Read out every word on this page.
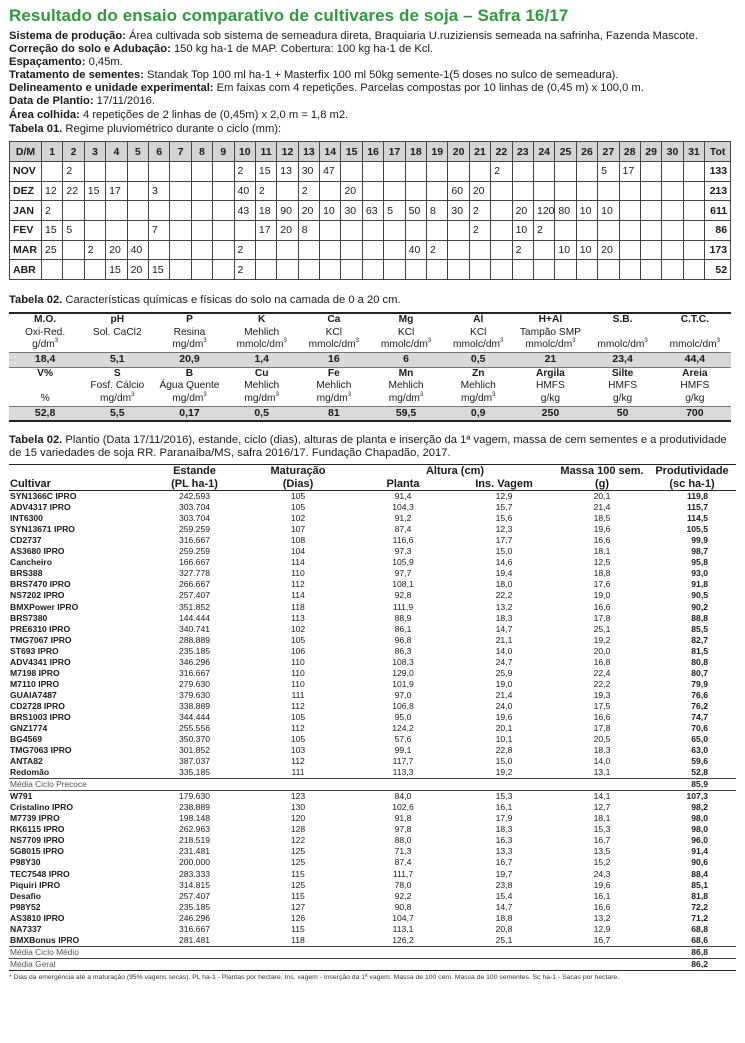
Resultado do ensaio comparativo de cultivares de soja – Safra 16/17
Sistema de produção: Área cultivada sob sistema de semeadura direta, Braquiaria U.ruziziensis semeada na safrinha, Fazenda Mascote.
Correção do solo e Adubação: 150 kg ha-1 de MAP. Cobertura: 100 kg ha-1 de Kcl.
Espaçamento: 0,45m.
Tratamento de sementes: Standak Top 100 ml ha-1 + Masterfix 100 ml 50kg semente-1(5 doses no sulco de semeadura).
Delineamento e unidade experimental: Em faixas com 4 repetições. Parcelas compostas por 10 linhas de (0,45 m) x 100,0 m.
Data de Plantio: 17/11/2016.
Área colhida: 4 repetições de 2 linhas de (0,45m) x 2,0 m = 1,8 m2.
Tabela 01. Regime pluviométrico durante o ciclo (mm):
D/M	1	2	3	4	5	6	7	8	9	10	11	12	13	14	15	16	17	18	19	20	21	22	23	24	25	26	27	28	29	30	31	Tot
NOV		2								2	15	13	30	47								2					5	17				133
DEZ	12	22	15	17		3				40	2		2		20					60	20											213
JAN	2									43	18	90	20	10	30	63	5	50	8	30	2		20	120	80	10	10					611
FEV	15	5				7					17	20	8								2		10	2								86
MAR	25		2	20	40					2								40	2				2		10	10	20					173
ABR				15	20	15				2																						52
Tabela 02. Características químicas e físicas do solo na camada de 0 a 20 cm.
M.O.	pH	P	K	Ca	Mg	Al	H+Al	S.B.	C.T.C.
Oxi-Red.	Sol. CaCl2	Resina	Mehlich	KCl	KCl	KCl	Tampão SMP		
$g/dm^3$		$mg/dm^3$	mmolc/$dm^3$	mmolc/$dm^3$	mmolc/$dm^3$	mmolc/$dm^3$	mmolc/$dm^3$	mmolc/$dm^3$	mmolc/$dm^3$
18,4	5,1	20,9	1,4	16	6	0,5	21	23,4	44,4
V%	S	B	Cu	Fe	Mn	Zn	Argila	Silte	Areia
	Fosf. Cálcio	Água Quente	Mehlich	Mehlich	Mehlich	Mehlich	HMFS	HMFS	HMFS
%	$mg/dm^3$	$mg/dm^3$	$mg/dm^3$	$mg/dm^3$	$mg/dm^3$	$mg/dm^3$	g/kg	g/kg	g/kg
52,8	5,5	0,17	0,5	81	59,5	0,9	250	50	700
Tabela 02. Plantio (Data 17/11/2016), estande, ciclo (dias), alturas de planta e inserção da 1ª vagem, massa de cem sementes e a produtividade de 15 variedades de soja RR. Paranaíba/MS, safra 2016/17. Fundação Chapadão, 2017.
	Estande	Maturação	Altura (cm)		Massa 100 sem.	Produtividade
Cultivar	(PL ha-1)	(Dias)	Planta	Ins. Vagem	(g)	(sc ha-1)
SYN1366C IPRO	242.593	105	91,4	12,9	20,1	119,8
ADV4317 IPRO	303.704	105	104,3	15,7	21,4	115,7
INT6300	303.704	102	91,2	15,6	18,5	114,5
SYN13671 IPRO	259.259	107	87,4	12,3	19,6	105,5
CD2737	316.667	108	116,6	17,7	16,6	99,9
AS3680 IPRO	259.259	104	97,3	15,0	18,1	98,7
Cancheiro	166.667	114	105,9	14,6	12,5	95,8
BRS388	327.778	110	97,7	19,4	18,8	93,0
BRS7470 IPRO	266.667	112	108,1	18,0	17,6	91,8
NS7202 IPRO	257.407	114	92,8	22,2	19,0	90,5
BMXPower IPRO	351.852	118	111,9	13,2	16,6	90,2
BRS7380	144.444	113	88,9	18,3	17,8	88,8
PRE6310 IPRO	340.741	102	86,1	14,7	25,1	85,5
TMG7067 IPRO	288.889	105	96,8	21,1	19,2	82,7
ST693 IPRO	235.185	106	86,3	14,0	20,0	81,5
ADV4341 IPRO	346.296	110	108,3	24,7	16,8	80,8
M7198 IPRO	316.667	110	129,0	25,9	22,4	80,7
M7110 IPRO	279.630	110	101,9	19,0	22,2	79,9
GUAIA7487	379.630	111	97,0	21,4	19,3	76,6
CD2728 IPRO	338.889	112	106,8	24,0	17,5	76,2
BRS1003 IPRO	344.444	105	95,0	19,6	16,6	74,7
GNZ1774	255.556	112	124,2	20,1	17,8	70,6
BG4569	350.370	105	57,6	10,1	20,5	65,0
TMG7063 IPRO	301.852	103	99,1	22,8	18,3	63,0
ANTA82	387.037	112	117,7	15,0	14,0	59,6
Redomão	335.185	111	113,3	19,2	13,1	52,8
Média Ciclo Precoce						85,9
W791	179.630	123	84,0	15,3	14,1	107,3
Cristalino IPRO	238.889	130	102,6	16,1	12,7	98,2
M7739 IPRO	198.148	120	91,8	17,9	18,1	98,0
RK6115 IPRO	262.963	128	97,8	18,3	15,3	98,0
NS7709 IPRO	218.519	122	88,0	16,3	16,7	96,0
5G8015 IPRO	231.481	125	71,3	13,3	13,5	91,4
P98Y30	200.000	125	87,4	16,7	15,2	90,6
TEC7548 IPRO	283.333	115	111,7	19,7	24,3	88,4
Piquiri IPRO	314.815	125	78,0	23,8	19,6	85,1
Desafio	257.407	115	92,2	15,4	16,1	81,8
P98Y52	235.185	127	90,8	14,7	16,6	72,2
AS3810 IPRO	246.296	126	104,7	18,8	13,2	71,2
NA7337	316.667	115	113,1	20,8	12,9	68,8
BMXBonus IPRO	281.481	118	126,2	25,1	16,7	68,6
Média Ciclo Médio						86,8
Média Geral						86,2
* Dias da emergência até a maturação (95% vagens secas). PL ha-1 - Plantas por hectare. Ins. vagem - Inserção da 1ª vagem. Massa de 100 cem. Massa de 100 sementes. Sc ha-1 - Sacas por hectare.
